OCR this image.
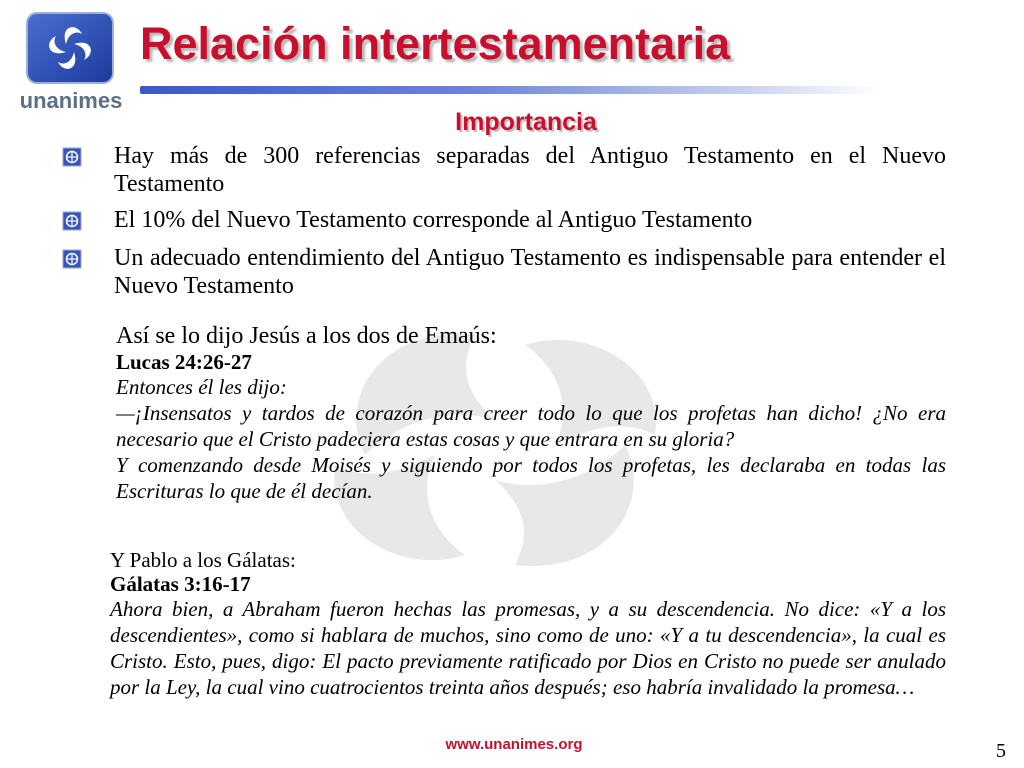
unanimes
Relación intertestamentaria
Importancia
Hay más de 300 referencias separadas del Antiguo Testamento en el Nuevo Testamento
El 10% del Nuevo Testamento corresponde al Antiguo Testamento
Un adecuado entendimiento del Antiguo Testamento es indispensable para entender el Nuevo Testamento
Así se lo dijo Jesús a los dos de Emaús:
Lucas 24:26-27
Entonces él les dijo:
—¡Insensatos y tardos de corazón para creer todo lo que los profetas han dicho! ¿No era necesario que el Cristo padeciera estas cosas y que entrara en su gloria?
Y comenzando desde Moisés y siguiendo por todos los profetas, les declaraba en todas las Escrituras lo que de él decían.
Y Pablo a los Gálatas:
Gálatas 3:16-17
Ahora bien, a Abraham fueron hechas las promesas, y a su descendencia. No dice: «Y a los descendientes», como si hablara de muchos, sino como de uno: «Y a tu descendencia», la cual es Cristo. Esto, pues, digo: El pacto previamente ratificado por Dios en Cristo no puede ser anulado por la Ley, la cual vino cuatrocientos treinta años después; eso habría invalidado la promesa…
www.unanimes.org	5
